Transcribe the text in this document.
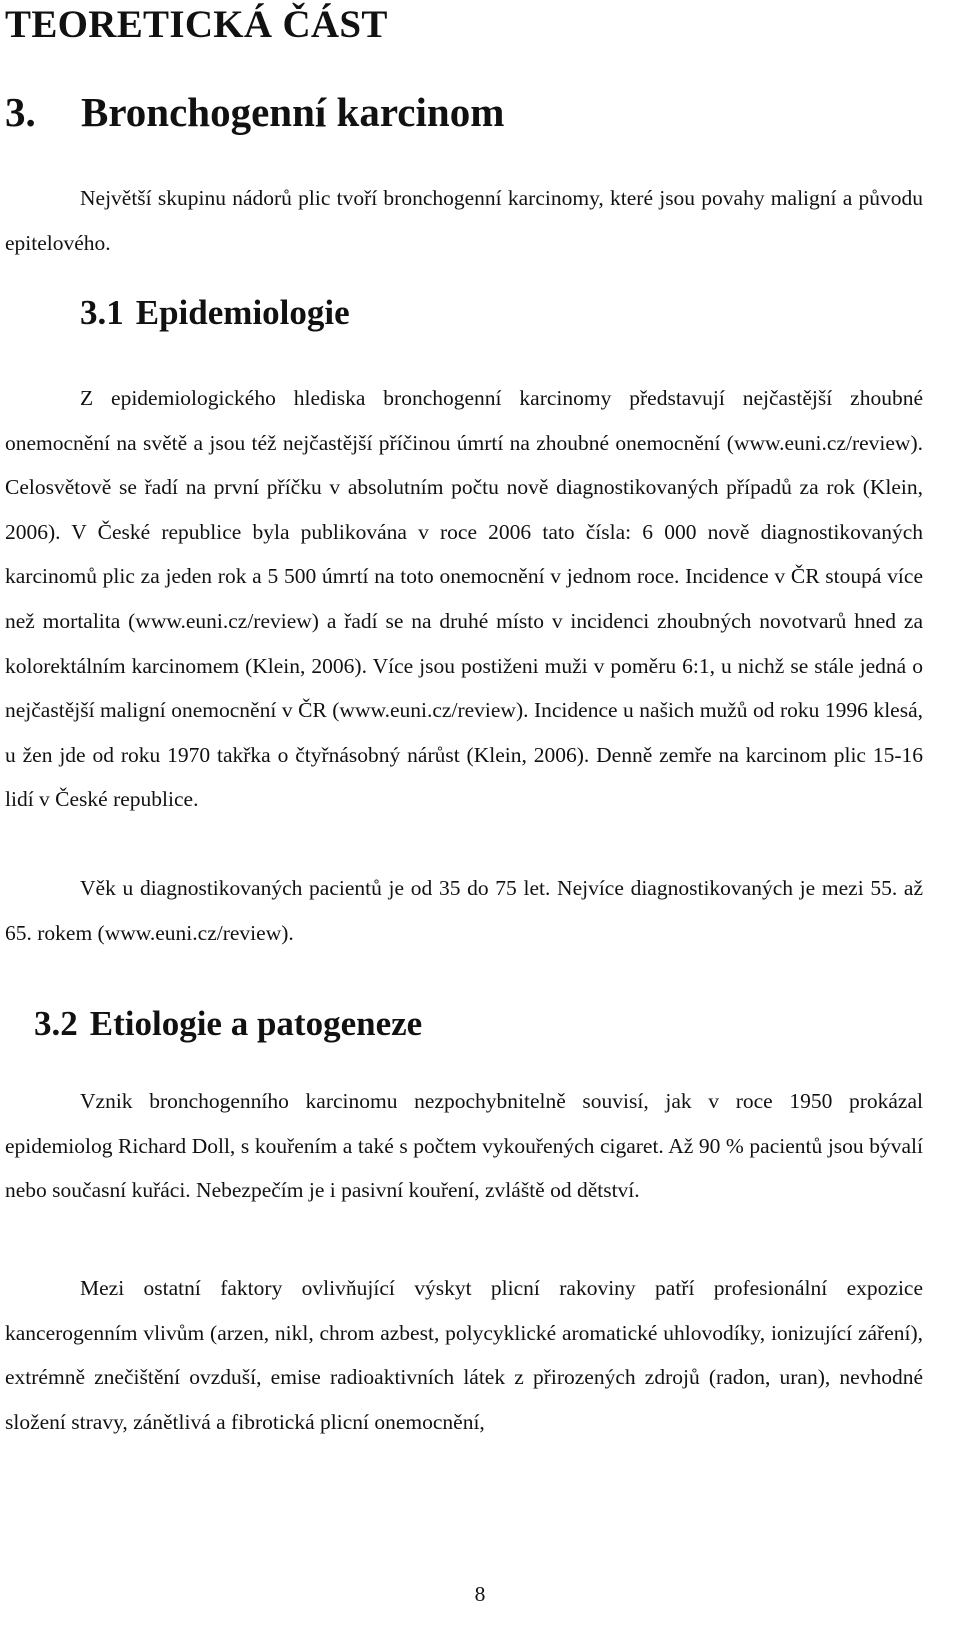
TEORETICKÁ ČÁST
3. Bronchogenní karcinom

Největší skupinu nádorů plic tvoří bronchogenní karcinomy, které jsou povahy maligní a původu epitelového.

3.1 Epidemiologie

Z epidemiologického hlediska bronchogenní karcinomy představují nejčastější zhoubné onemocnění na světě a jsou též nejčastější příčinou úmrtí na zhoubné onemocnění (www.euni.cz/review). Celosvětově se řadí na první příčku v absolutním počtu nově diagnostikovaných případů za rok (Klein, 2006). V České republice byla publikována v roce 2006 tato čísla: 6 000 nově diagnostikovaných karcinomů plic za jeden rok a 5 500 úmrtí na toto onemocnění v jednom roce. Incidence v ČR stoupá více než mortalita (www.euni.cz/review) a řadí se na druhé místo v incidenci zhoubných novotvarů hned za kolorektálním karcinomem (Klein, 2006). Více jsou postiženi muži v poměru 6:1, u nichž se stále jedná o nejčastější maligní onemocnění v ČR (www.euni.cz/review). Incidence u našich mužů od roku 1996 klesá, u žen jde od roku 1970 takřka o čtyřnásobný nárůst (Klein, 2006). Denně zemře na karcinom plic 15-16 lidí v České republice.

Věk u diagnostikovaných pacientů je od 35 do 75 let. Nejvíce diagnostikovaných je mezi 55. až 65. rokem (www.euni.cz/review).

3.2 Etiologie a patogeneze

Vznik bronchogenního karcinomu nezpochybnitelně souvisí, jak v roce 1950 prokázal epidemiolog Richard Doll, s kouřením a také s počtem vykouřených cigaret. Až 90 % pacientů jsou bývalí nebo současní kuřáci. Nebezpečím je i pasivní kouření, zvláště od dětství.

Mezi ostatní faktory ovlivňující výskyt plicní rakoviny patří profesionální expozice kancerogenním vlivům (arzen, nikl, chrom azbest, polycyklické aromatické uhlovodíky, ionizující záření), extrémně znečištění ovzduší, emise radioaktivních látek z přirozených zdrojů (radon, uran), nevhodné složení stravy, zánětlivá a fibrotická plicní onemocnění,

8
